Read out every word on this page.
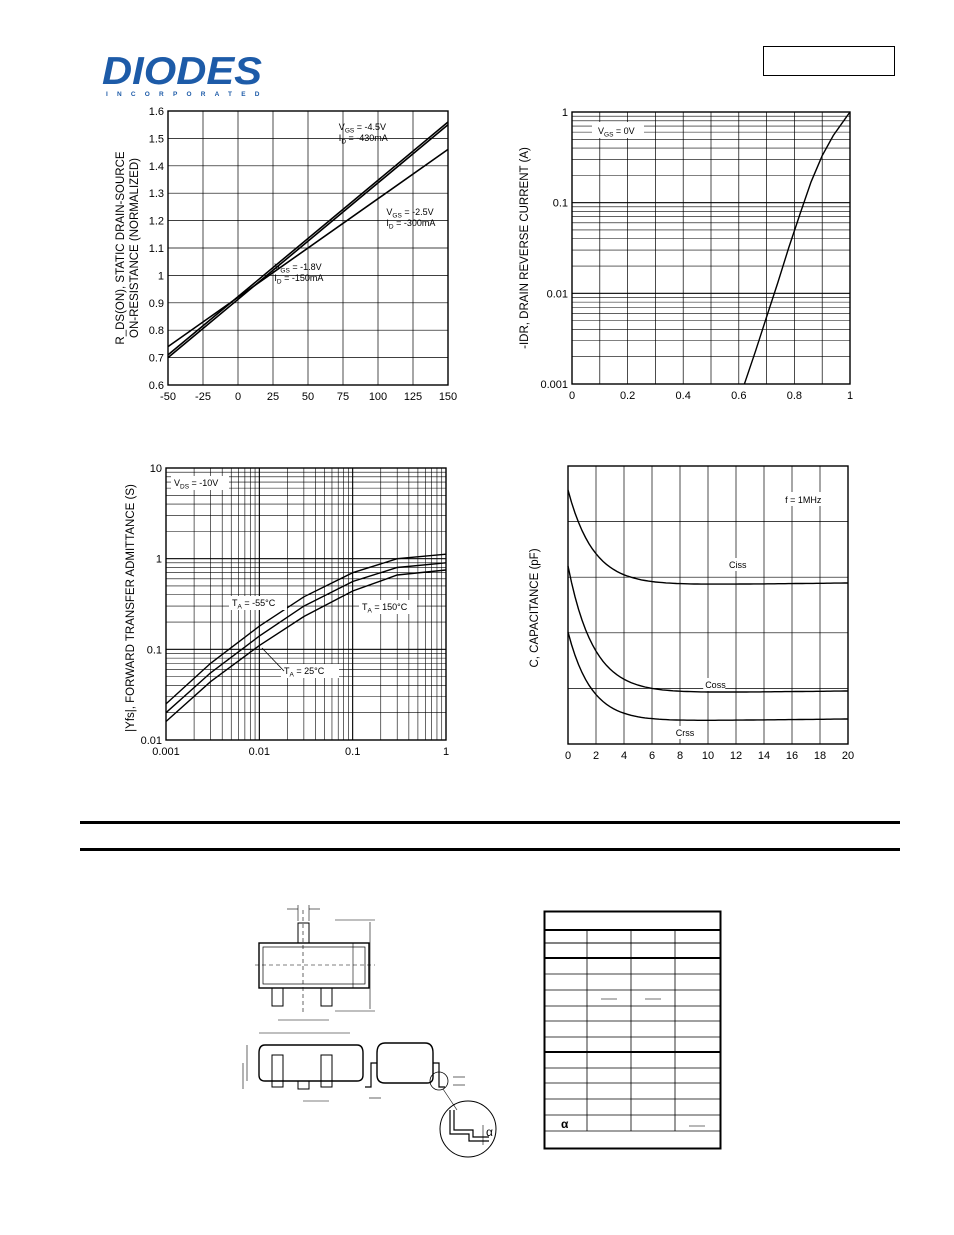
DIODES
INCORPORATED
-50 -25 0 25 50 75 100 125 150
0.6
0.7
0.8
0.9
1
1.1
1.2
1.3
1.4
1.5
1.6
$V_{GS} = -4.5V$
$I_D = -430mA$
$V_{GS} = -2.5V$
$I_D = -300mA$
$V_{GS} = -1.8V$
$I_D = -150mA$
R_DS(ON), STATIC DRAIN-SOURCE ON-RESISTANCE (NORMALIZED)
0	0.2	0.4	0.6	0.8	1
0.001
0.01
0.1
1
$V_{GS} = 0V$
-IDR, DRAIN REVERSE CURRENT (A)
0.001	0.01	0.1	1
0.01
0.1
1
10
$V_{DS} = -10V$
$T_A = -55^\circ C$	$T_A = 150^\circ C$
$T_A = 25^\circ C$
|Yfs|, FORWARD TRANSFER ADMITTANCE (S)
0 2 4 6 8 10 12 14 16 18 20
Ciss
Coss
Crss
f = 1MHz
C, CAPACITANCE (pF)
α
α
